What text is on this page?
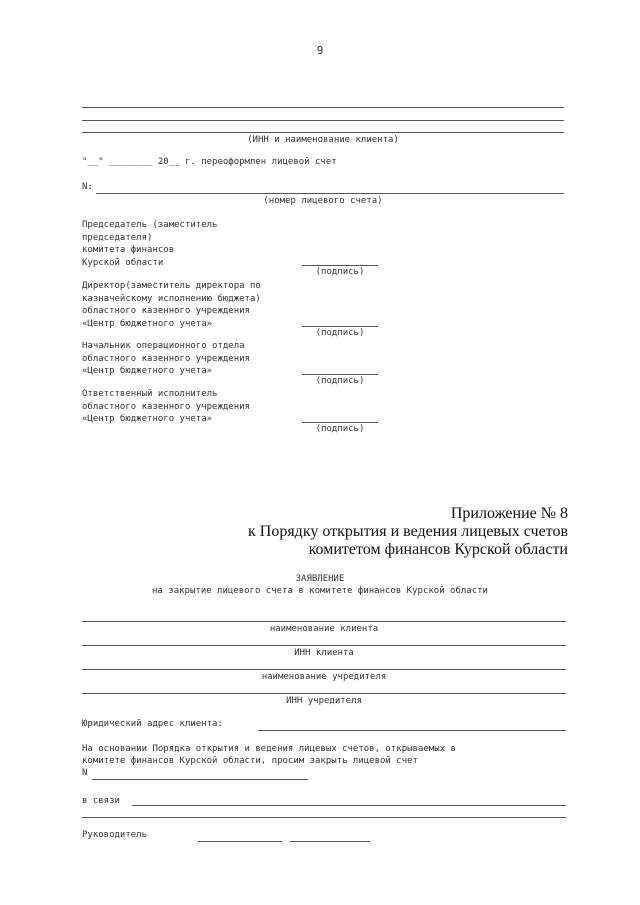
9
(ИНН и наименование клиента)
"__" ________ 20__ г. переоформлен лицевой счет
N:
(номер лицевого счета)
Председатель (заместитель
председателя)
комитета финансов
Курской области
(подпись)
Директор(заместитель директора по
казначейскому исполнению бюджета)
областного казенного учреждения
«Центр бюджетного учета»
(подпись)
Начальник операционного отдела
областного казенного учреждения
«Центр бюджетного учета»
(подпись)
Ответственный исполнитель
областного казенного учреждения
«Центр бюджетного учета»
(подпись)
Приложение № 8
к Порядку открытия и ведения лицевых счетов
комитетом финансов Курской области
ЗАЯВЛЕНИЕ
на закрытие лицевого счета в комитете финансов Курской области
наименование клиента
ИНН клиента
наименование учредителя
ИНН учредителя
Юридический адрес клиента:
На основании Порядка открытия и ведения лицевых счетов, открываемых в
комитете финансов Курской области, просим закрыть лицевой счет
N
в связи
Руководитель
